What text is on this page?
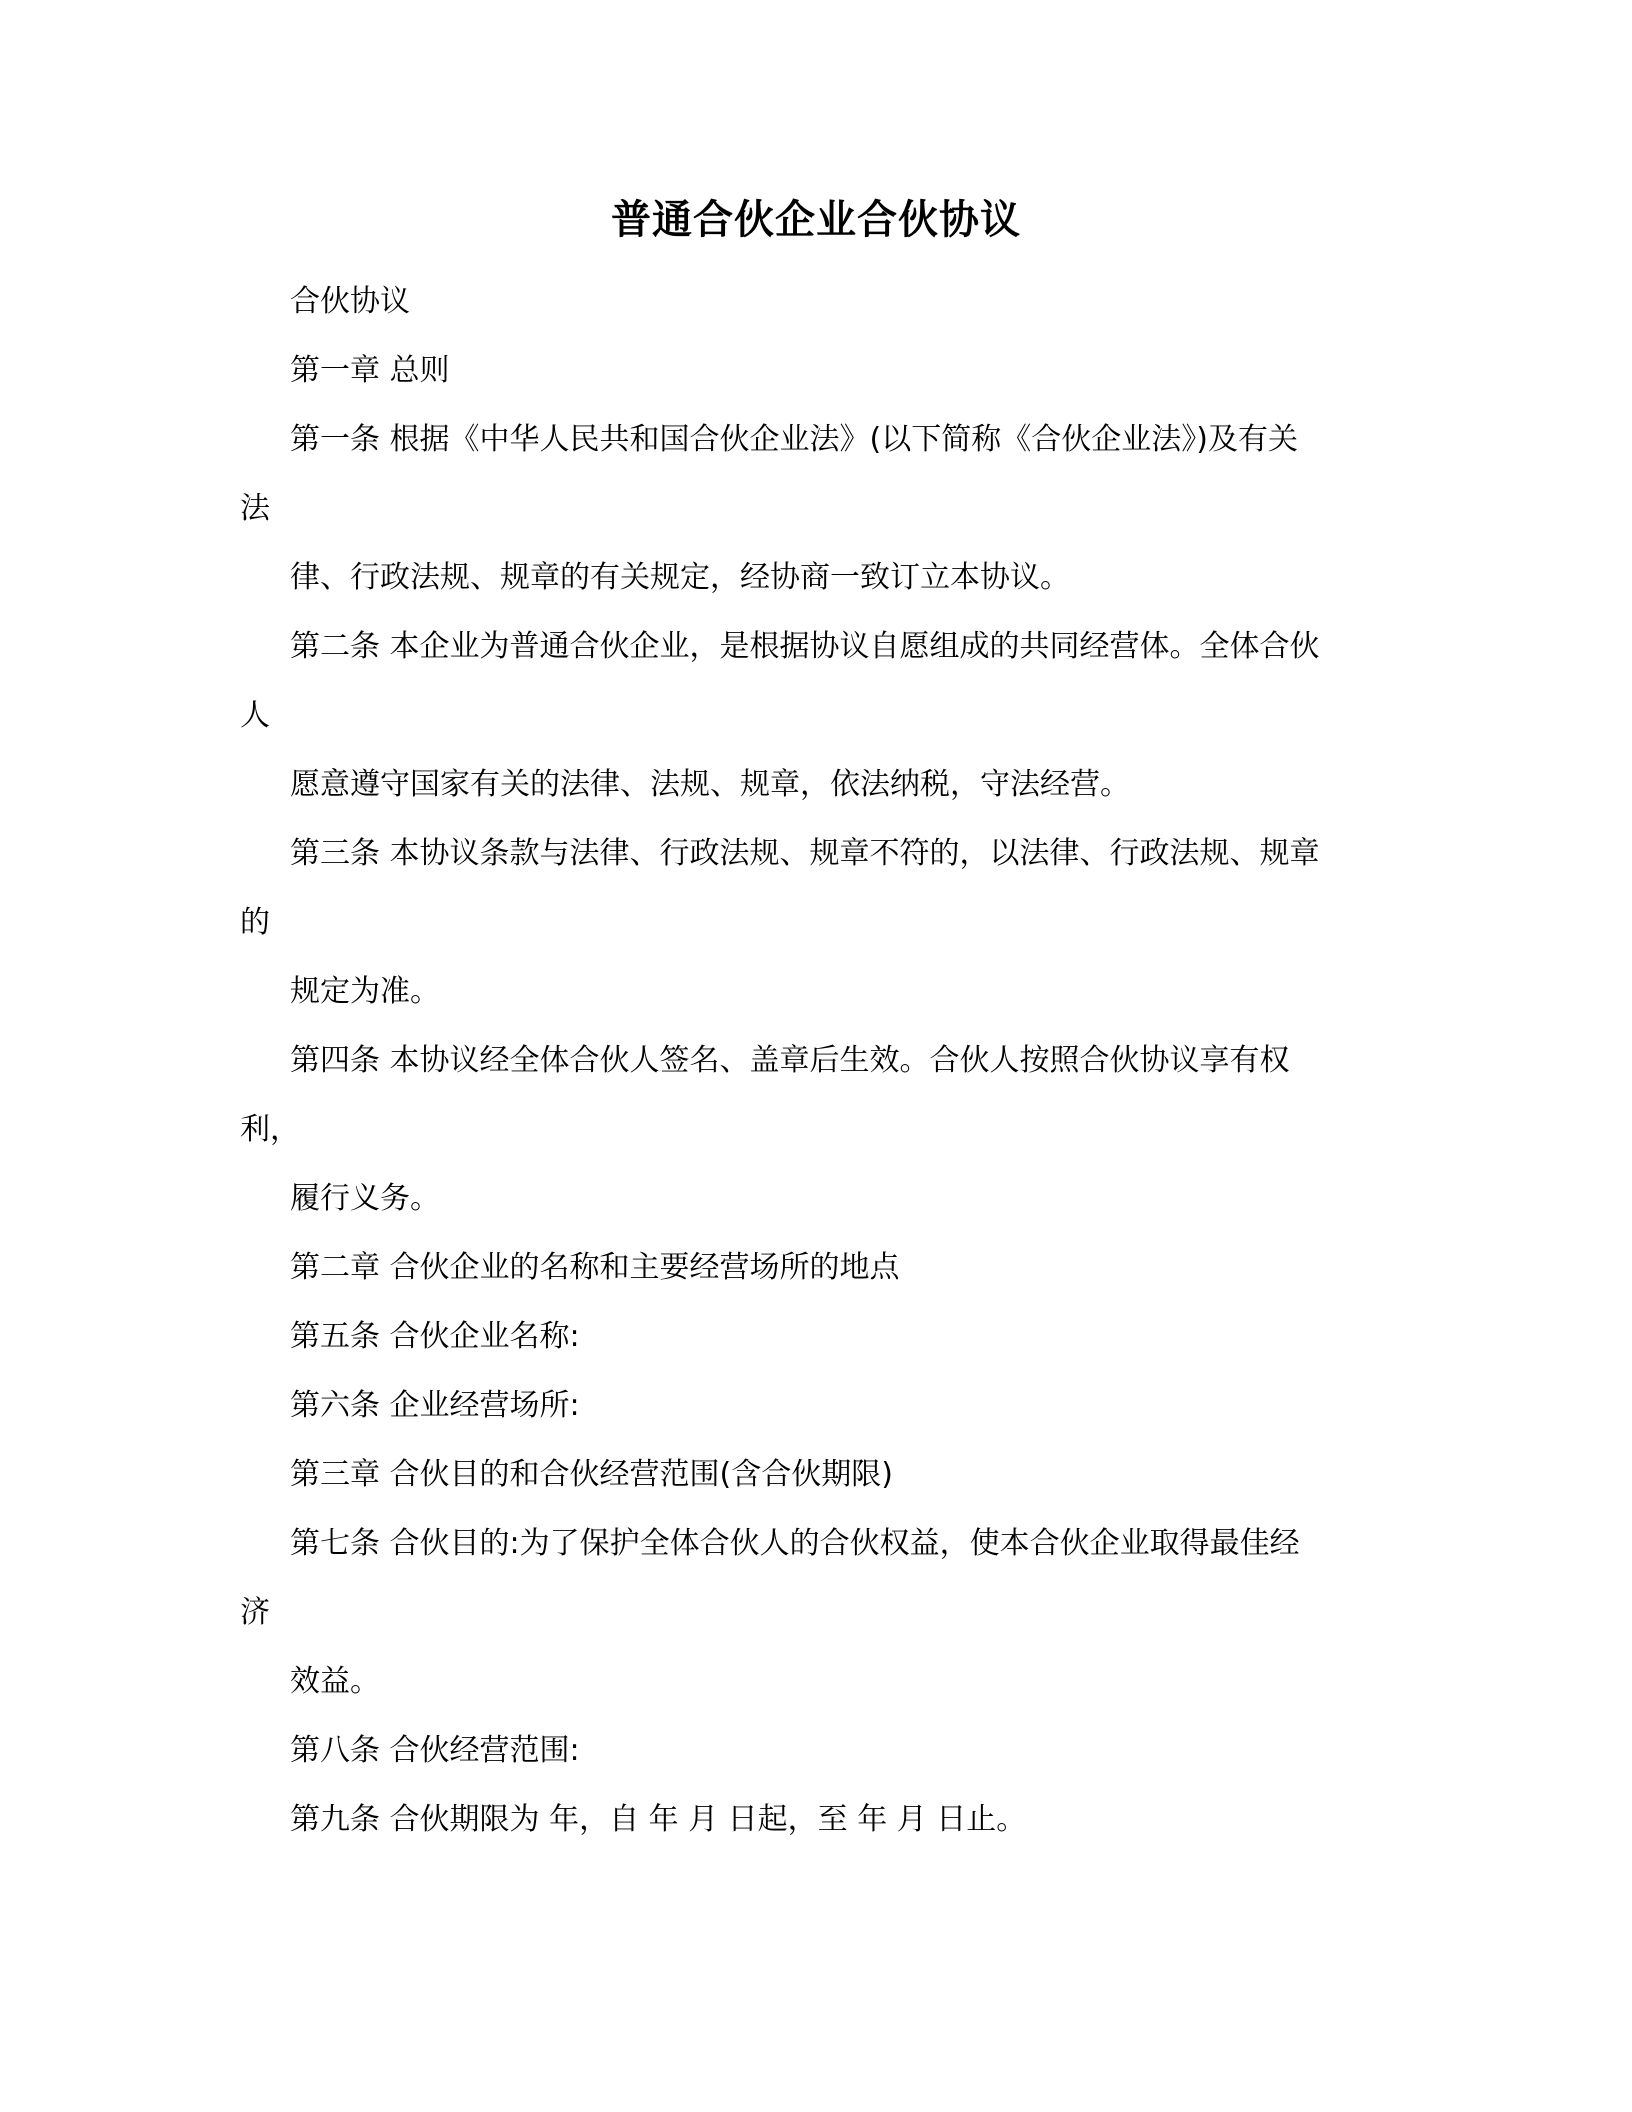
普通合伙企业合伙协议
合伙协议
第一章 总则
第一条 根据《中华人民共和国合伙企业法》(以下简称《合伙企业法》)及有关
法
律、行政法规、规章的有关规定，经协商一致订立本协议。
第二条 本企业为普通合伙企业，是根据协议自愿组成的共同经营体。全体合伙
人
愿意遵守国家有关的法律、法规、规章，依法纳税，守法经营。
第三条 本协议条款与法律、行政法规、规章不符的，以法律、行政法规、规章
的
规定为准。
第四条 本协议经全体合伙人签名、盖章后生效。合伙人按照合伙协议享有权
利，
履行义务。
第二章 合伙企业的名称和主要经营场所的地点
第五条 合伙企业名称:
第六条 企业经营场所:
第三章 合伙目的和合伙经营范围(含合伙期限)
第七条 合伙目的:为了保护全体合伙人的合伙权益，使本合伙企业取得最佳经
济
效益。
第八条 合伙经营范围:
第九条 合伙期限为 年，自 年 月 日起，至 年 月 日止。
